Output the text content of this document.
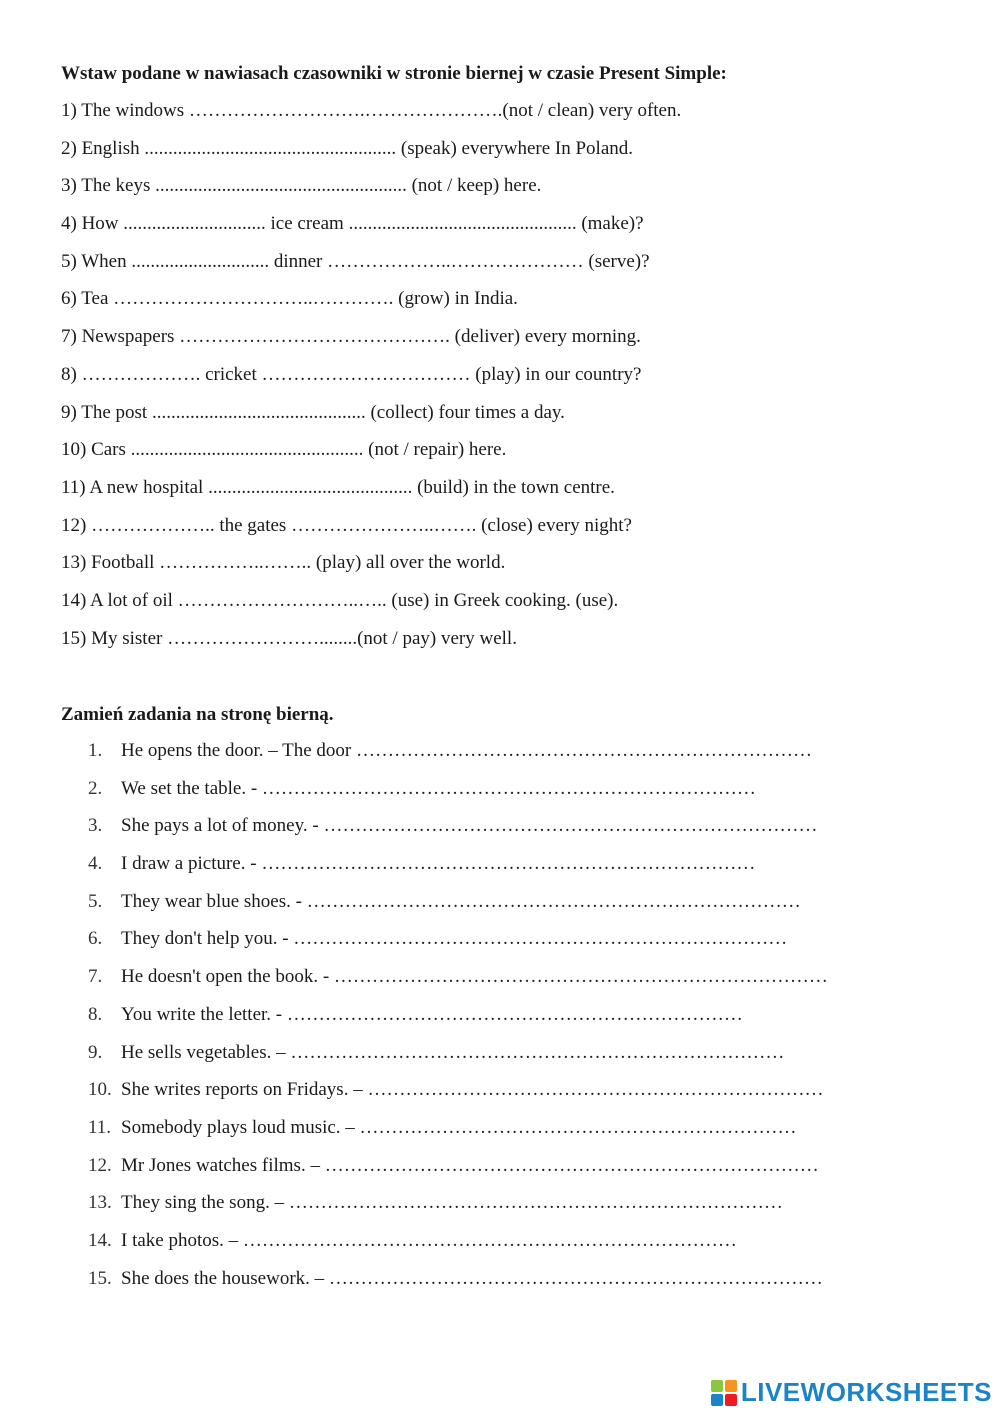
Wstaw podane w nawiasach czasowniki w stronie biernej w czasie Present Simple:
1) The windows ……………………….………………….(not / clean) very often.
2) English ..................................................... (speak) everywhere In Poland.
3) The keys ..................................................... (not / keep) here.
4) How .............................. ice cream ................................................ (make)?
5) When ............................. dinner ………………..………………… (serve)?
6) Tea …………………………..…………. (grow) in India.
7) Newspapers ……………………………………. (deliver) every morning.
8) ………………. cricket …………………………… (play) in our country?
9) The post ............................................. (collect) four times a day.
10) Cars ................................................. (not / repair) here.
11) A new hospital ........................................... (build) in the town centre.
12) ……………….. the gates …………………..……. (close) every night?
13) Football ……………..…….. (play) all over the world.
14) A lot of oil ………………………..….. (use) in Greek cooking. (use).
15) My sister ……………………........(not / pay) very well.
Zamień zadania na stronę bierną.
1. He opens the door. – The door ………………………………………………………………
2. We set the table. - ……………………………………………………………………
3. She pays a lot of money. - ……………………………………………………………………
4. I draw a picture. - ……………………………………………………………………
5. They wear blue shoes. - ……………………………………………………………………
6. They don't help you. - ……………………………………………………………………
7. He doesn't open the book. - ……………………………………………………………………
8. You write the letter. - ………………………………………………………………
9. He sells vegetables. – ……………………………………………………………………
10. She writes reports on Fridays. – ………………………………………………………………
11. Somebody plays loud music. – ……………………………………………………………
12. Mr Jones watches films. – ……………………………………………………………………
13. They sing the song. – ……………………………………………………………………
14. I take photos. – ……………………………………………………………………
15. She does the housework. – ……………………………………………………………………
LIVEWORKSHEETS
